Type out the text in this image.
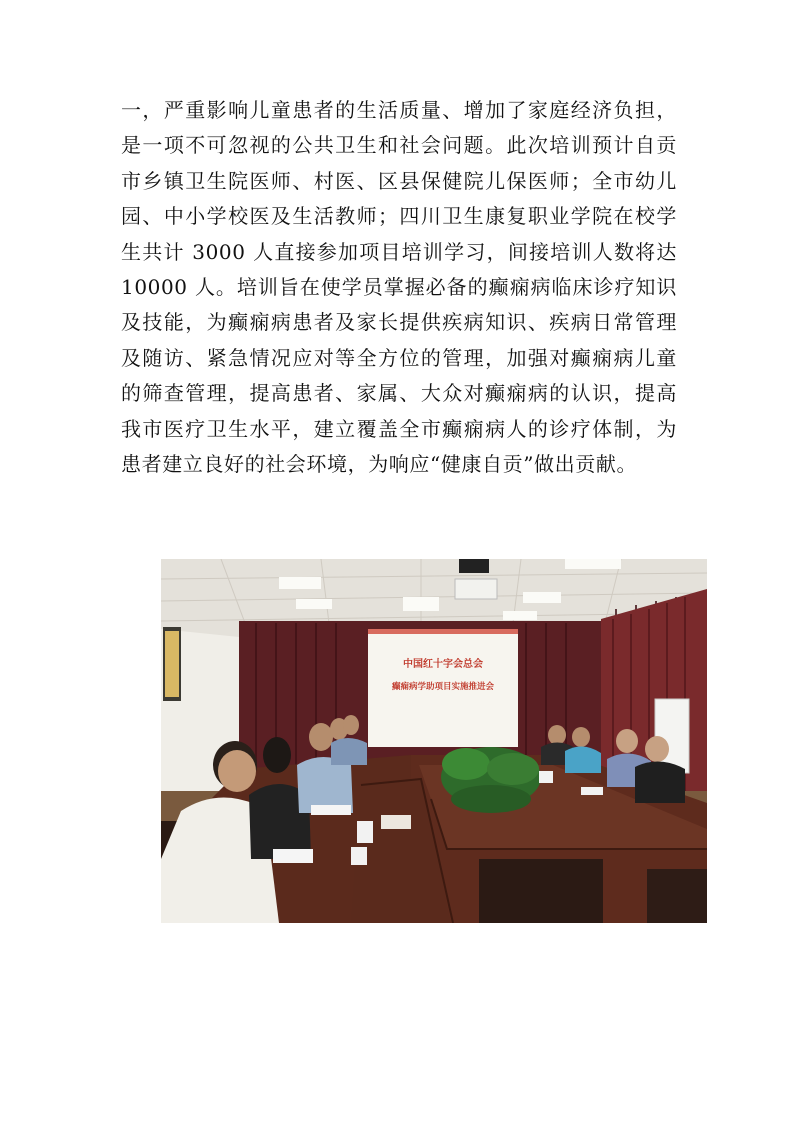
一，严重影响儿童患者的生活质量、增加了家庭经济负担，是一项不可忽视的公共卫生和社会问题。此次培训预计自贡市乡镇卫生院医师、村医、区县保健院儿保医师；全市幼儿园、中小学校医及生活教师；四川卫生康复职业学院在校学生共计 3000 人直接参加项目培训学习，间接培训人数将达 10000 人。培训旨在使学员掌握必备的癫痫病临床诊疗知识及技能，为癫痫病患者及家长提供疾病知识、疾病日常管理及随访、紧急情况应对等全方位的管理，加强对癫痫病儿童的筛查管理，提高患者、家属、大众对癫痫病的认识，提高我市医疗卫生水平，建立覆盖全市癫痫病人的诊疗体制，为患者建立良好的社会环境，为响应“健康自贡”做出贡献。

中国红十字会总会
癫痫病学助项目实施推进会
